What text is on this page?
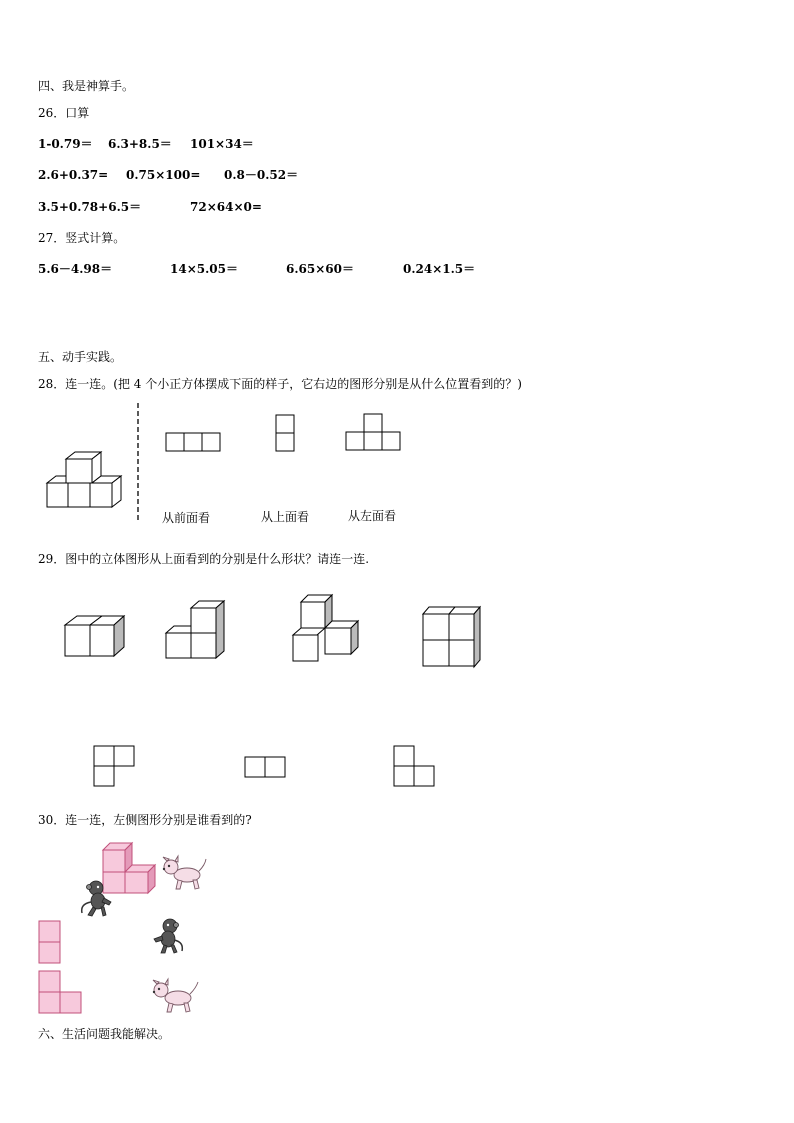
四、我是神算手。
26．口算
1-0.79＝ 6.3+8.5＝ 101×34＝
2.6+0.37= 0.75×100= 0.8－0.52＝
3.5+0.78+6.5＝	72×64×0=
27．竖式计算。
5.6－4.98＝	14×5.05＝	6.65×60＝	0.24×1.5＝
五、动手实践。
28．连一连。(把 4 个小正方体摆成下面的样子，它右边的图形分别是从什么位置看到的？)
从前面看	从上面看	从左面看
29．图中的立体图形从上面看到的分别是什么形状？请连一连.
30．连一连，左侧图形分别是谁看到的?
六、生活问题我能解决。
